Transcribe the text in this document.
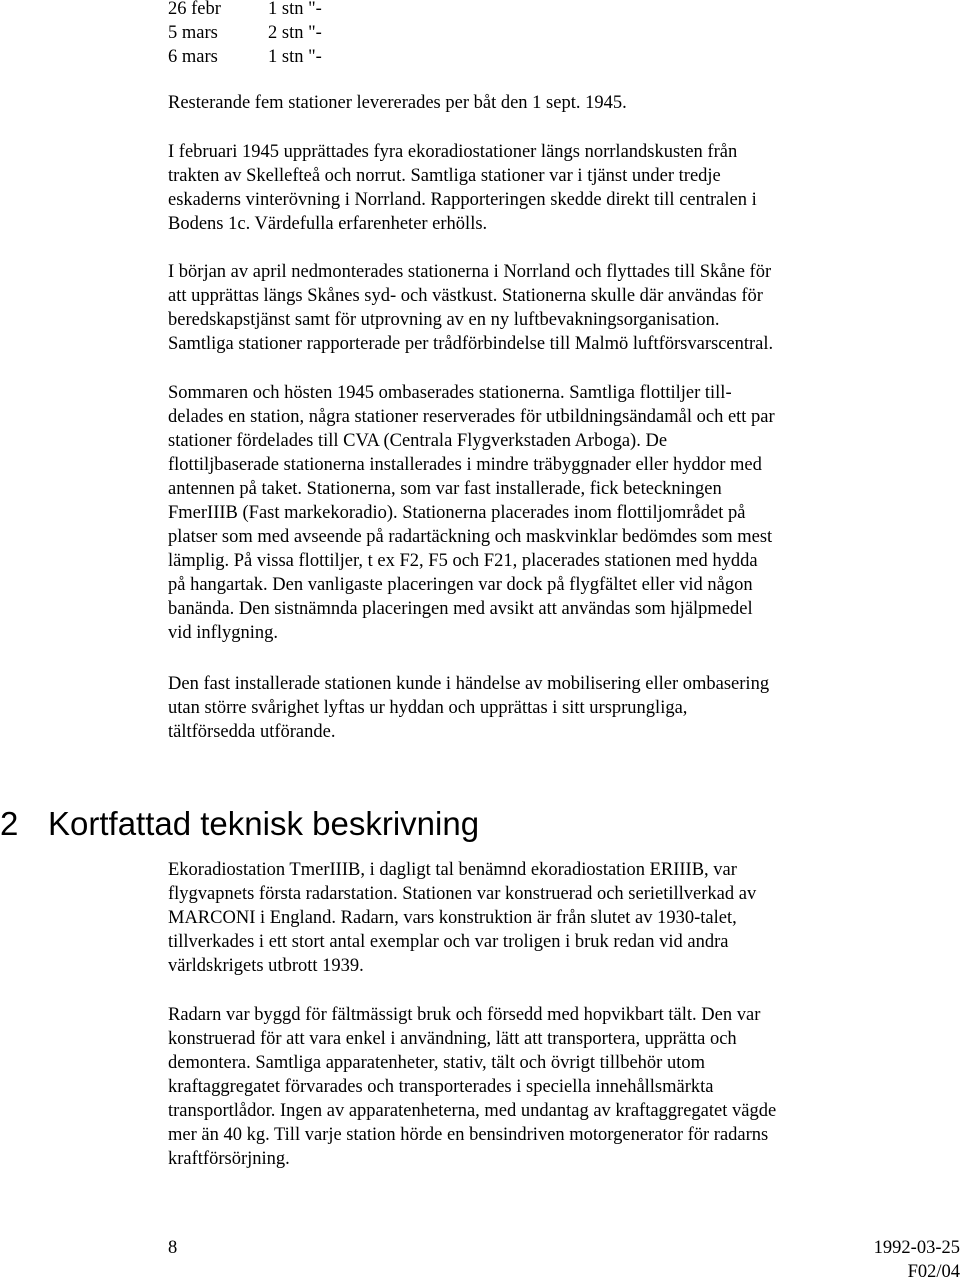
26 febr	1 stn "-
5 mars	2 stn "-
6 mars	1 stn "-

Resterande fem stationer levererades per båt den 1 sept. 1945.

I februari 1945 upprättades fyra ekoradiostationer längs norrlandskusten från
trakten av Skellefteå och norrut. Samtliga stationer var i tjänst under tredje
eskaderns vinterövning i Norrland. Rapporteringen skedde direkt till centralen i
Bodens 1c. Värdefulla erfarenheter erhölls.

I början av april nedmonterades stationerna i Norrland och flyttades till Skåne för
att upprättas längs Skånes syd- och västkust. Stationerna skulle där användas för
beredskapstjänst samt för utprovning av en ny luftbevakningsorganisation.
Samtliga stationer rapporterade per trådförbindelse till Malmö luftförsvarscentral.

Sommaren och hösten 1945 ombaserades stationerna. Samtliga flottiljer till-
delades en station, några stationer reserverades för utbildningsändamål och ett par
stationer fördelades till CVA (Centrala Flygverkstaden Arboga). De
flottiljbaserade stationerna installerades i mindre träbyggnader eller hyddor med
antennen på taket. Stationerna, som var fast installerade, fick beteckningen
FmerIIIB (Fast markekoradio). Stationerna placerades inom flottiljområdet på
platser som med avseende på radartäckning och maskvinklar bedömdes som mest
lämplig. På vissa flottiljer, t ex F2, F5 och F21, placerades stationen med hydda
på hangartak. Den vanligaste placeringen var dock på flygfältet eller vid någon
banända. Den sistnämnda placeringen med avsikt att användas som hjälpmedel
vid inflygning.

Den fast installerade stationen kunde i händelse av mobilisering eller ombasering
utan större svårighet lyftas ur hyddan och upprättas i sitt ursprungliga,
tältförsedda utförande.

2 Kortfattad teknisk beskrivning

Ekoradiostation TmerIIIB, i dagligt tal benämnd ekoradiostation ERIIIB, var
flygvapnets första radarstation. Stationen var konstruerad och serietillverkad av
MARCONI i England. Radarn, vars konstruktion är från slutet av 1930-talet,
tillverkades i ett stort antal exemplar och var troligen i bruk redan vid andra
världskrigets utbrott 1939.

Radarn var byggd för fältmässigt bruk och försedd med hopvikbart tält. Den var
konstruerad för att vara enkel i användning, lätt att transportera, upprätta och
demontera. Samtliga apparatenheter, stativ, tält och övrigt tillbehör utom
kraftaggregatet förvarades och transporterades i speciella innehållsmärkta
transportlådor. Ingen av apparatenheterna, med undantag av kraftaggregatet vägde
mer än 40 kg. Till varje station hörde en bensindriven motorgenerator för radarns
kraftförsörjning.

8	1992-03-25
F02/04
